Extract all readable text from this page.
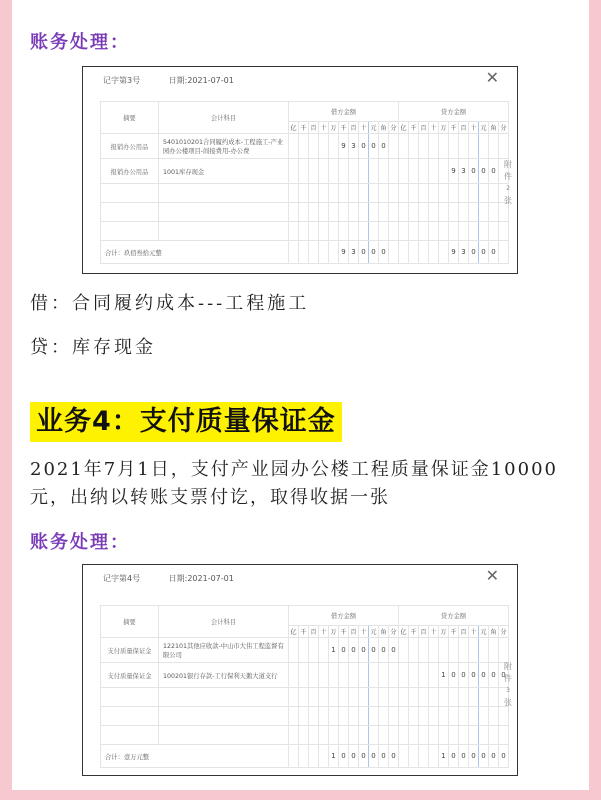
账务处理：
记字第3号	日期:2021-07-01	✕
摘要	会计科目	借方金额											贷方金额										
		亿	千	百	十	万	千	百	十	元	角	分	亿	千	百	十	万	千	百	十	元	角	分
报销办公用品	5401010201合同履约成本-工程施工-产业园办公楼项目-间接费用-办公费						9	3	0	0	0												
报销办公用品	1001库存现金																	9	3	0	0	0	

合计：玖佰叁拾元整							9	3	0	0	0							9	3	0	0	0	
附
件
2
张
借：合同履约成本---工程施工
贷：库存现金
业务4：支付质量保证金
2021年7月1日，支付产业园办公楼工程质量保证金10000元，出纳以转账支票付讫，取得收据一张
账务处理：
记字第4号	日期:2021-07-01	✕
摘要	会计科目	借方金额											贷方金额										
		亿	千	百	十	万	千	百	十	元	角	分	亿	千	百	十	万	千	百	十	元	角	分
支付质量保证金	122101其他应收款-中山市大伟工程监督有限公司					1	0	0	0	0	0	0											
支付质量保证金	100201银行存款-工行保利天鹅大道支行																1	0	0	0	0	0	0

合计：壹万元整						1	0	0	0	0	0	0					1	0	0	0	0	0	0
附
件
3
张
